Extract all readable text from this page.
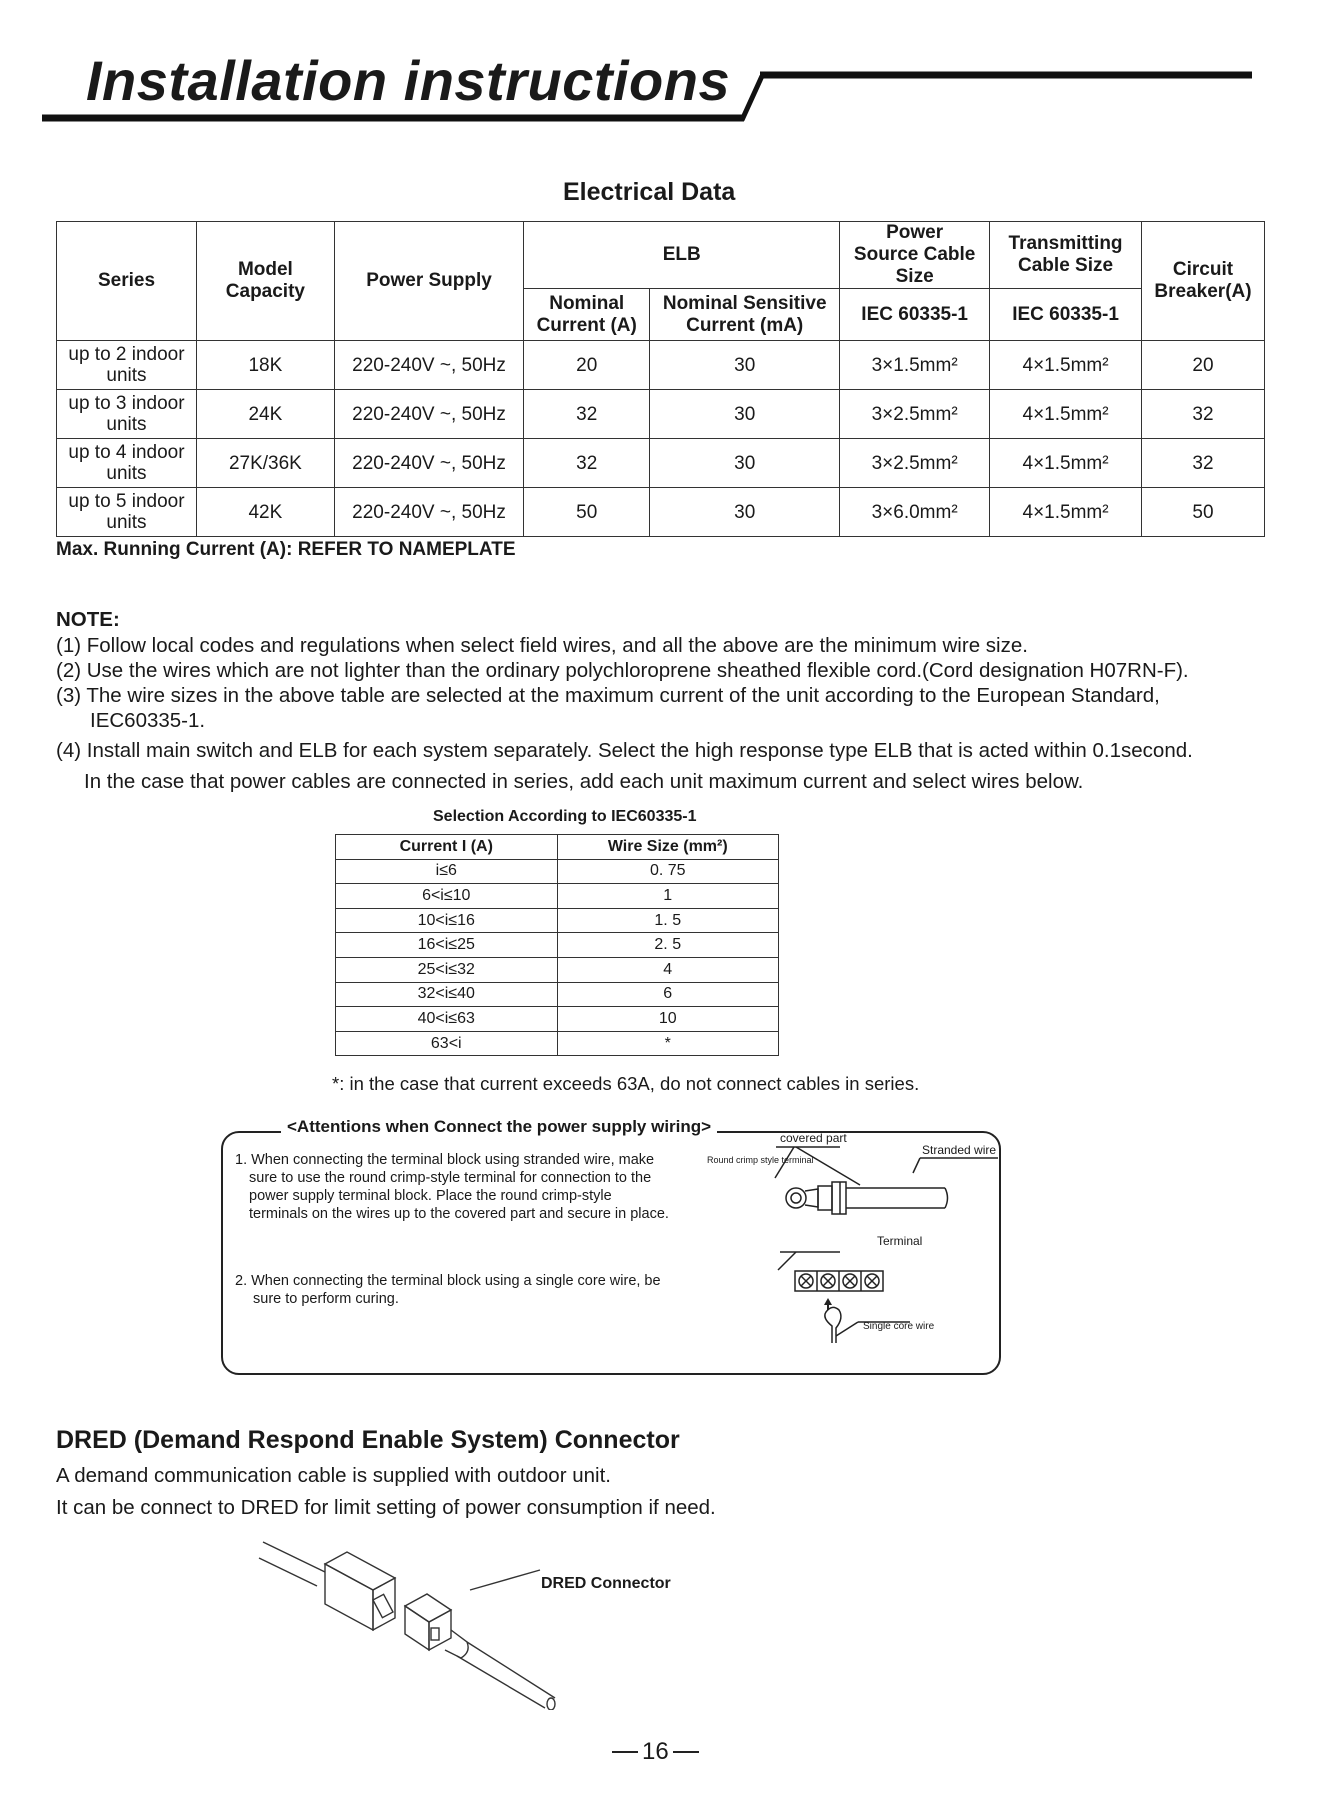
Installation instructions
Electrical Data
Series	Model Capacity	Power Supply	ELB		Power Source Cable Size	Transmitting Cable Size	Circuit Breaker(A)
			Nominal Current (A)	Nominal Sensitive Current (mA)	IEC 60335-1	IEC 60335-1	
up to 2 indoor units	18K	220-240V ~, 50Hz	20	30	3×1.5mm²	4×1.5mm²	20
up to 3 indoor units	24K	220-240V ~, 50Hz	32	30	3×2.5mm²	4×1.5mm²	32
up to 4 indoor units	27K/36K	220-240V ~, 50Hz	32	30	3×2.5mm²	4×1.5mm²	32
up to 5 indoor units	42K	220-240V ~, 50Hz	50	30	3×6.0mm²	4×1.5mm²	50
Max. Running Current (A): REFER TO NAMEPLATE
NOTE:
(1) Follow local codes and regulations when select field wires, and all the above are the minimum wire size.
(2) Use the wires which are not lighter than the ordinary polychloroprene sheathed flexible cord.(Cord designation H07RN-F).
(3) The wire sizes in the above table are selected at the maximum current of the unit according to the European Standard,
IEC60335-1.
(4) Install main switch and ELB for each system separately. Select the high response type ELB that is acted within 0.1second.
In the case that power cables are connected in series, add each unit maximum current and select wires below.
Selection According to IEC60335-1
Current I (A)	Wire Size (mm²)
i≤6	0. 75
6<i≤10	1
10<i≤16	1. 5
16<i≤25	2. 5
25<i≤32	4
32<i≤40	6
40<i≤63	10
63<i	*
*: in the case that current exceeds 63A, do not connect cables in series.
<Attentions when Connect the power supply wiring>
1. When connecting the terminal block using stranded wire, make
sure to use the round crimp-style terminal for connection to the
power supply terminal block. Place the round crimp-style
terminals on the wires up to the covered part and secure in place.
2. When connecting the terminal block using a single core wire, be
sure to perform curing.
covered part
Round crimp style terminal
Stranded wire
Terminal
Single core wire
DRED (Demand Respond Enable System) Connector
A demand communication cable is supplied with outdoor unit.
It can be connect to DRED for limit setting of power consumption if need.
DRED Connector
16
